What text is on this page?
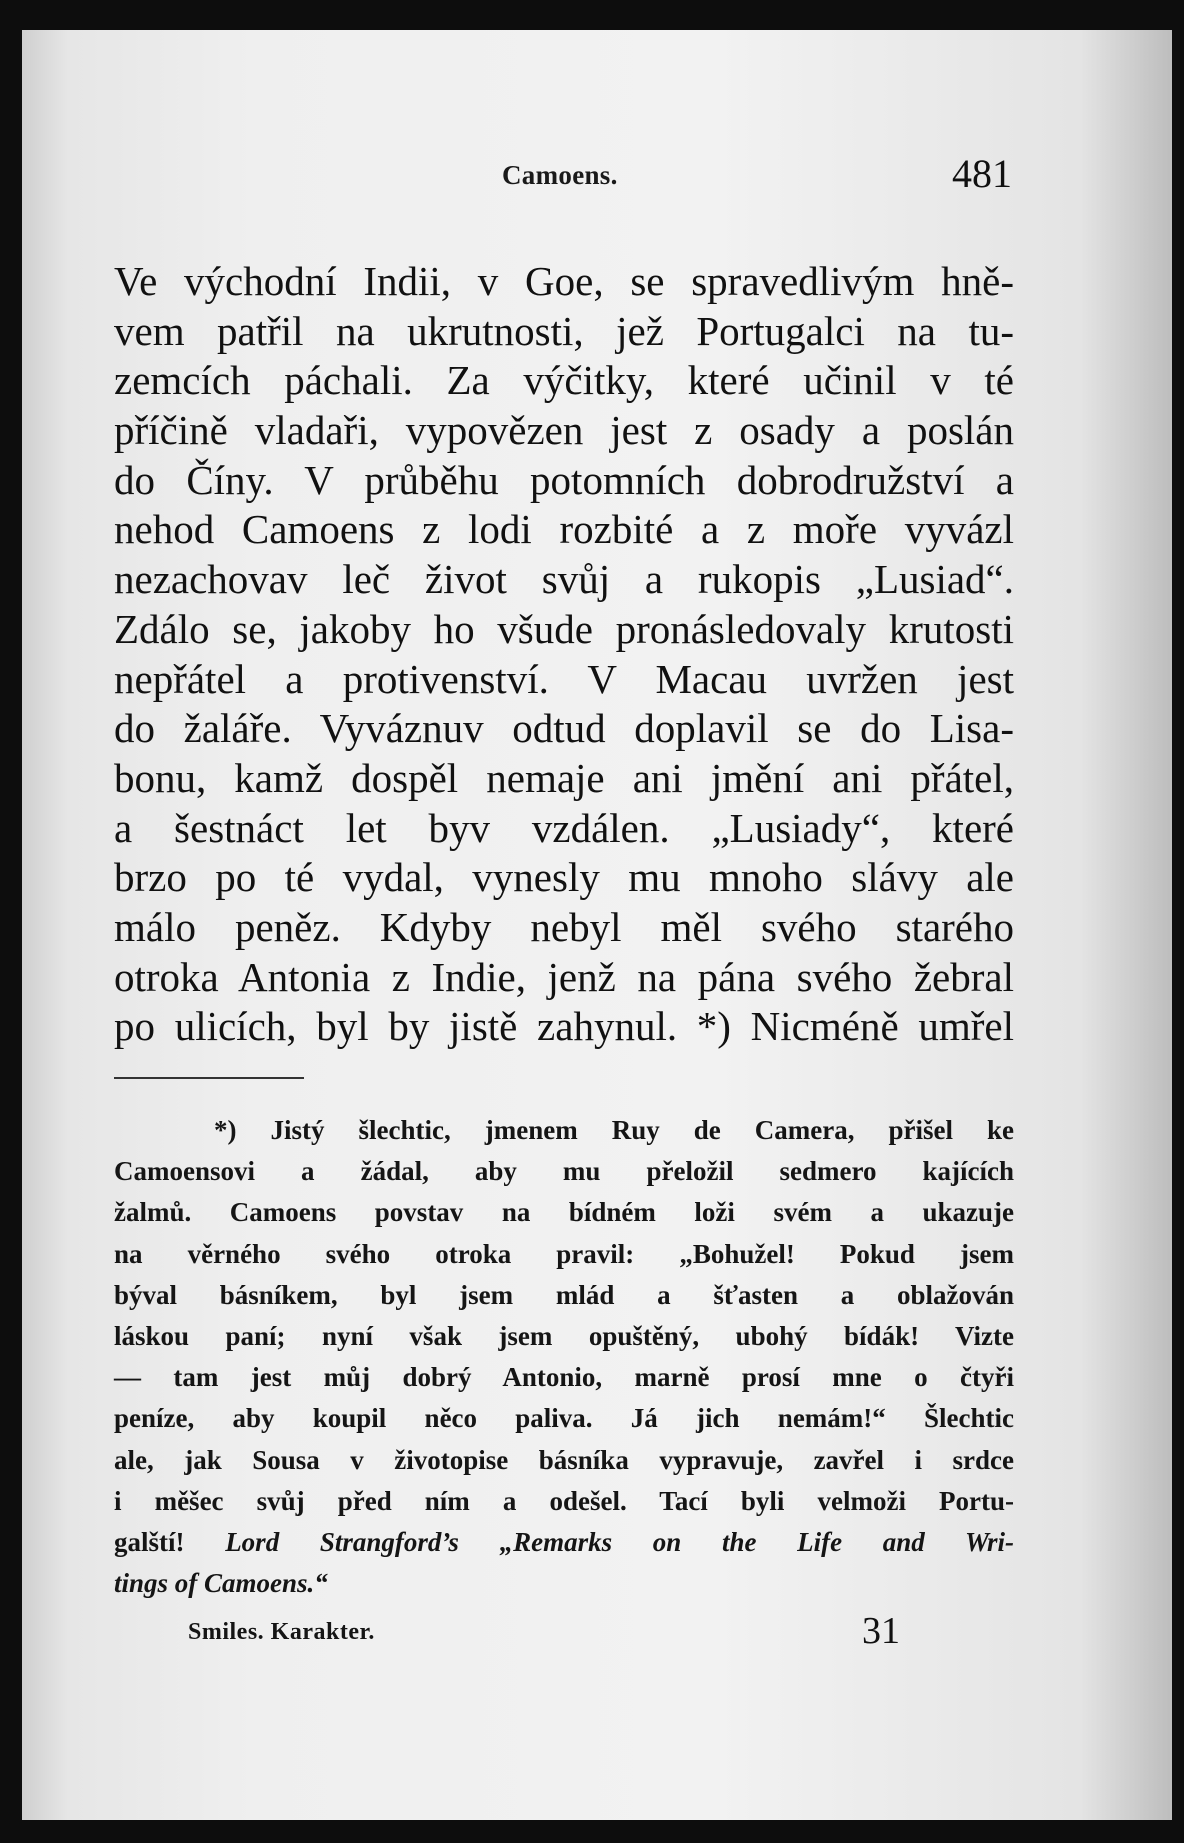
Camoens.	481
Ve východní Indii, v Goe, se spravedlivým hně-
vem patřil na ukrutnosti, jež Portugalci na tu-
zemcích páchali. Za výčitky, které učinil v té
příčině vladaři, vypovězen jest z osady a poslán
do Číny. V průběhu potomních dobrodružství a
nehod Camoens z lodi rozbité a z moře vyvázl
nezachovav leč život svůj a rukopis „Lusiad“.
Zdálo se, jakoby ho všude pronásledovaly krutosti
nepřátel a protivenství. V Macau uvržen jest
do žaláře. Vyváznuv odtud doplavil se do Lisa-
bonu, kamž dospěl nemaje ani jmění ani přátel,
a šestnáct let byv vzdálen. „Lusiady“, které
brzo po té vydal, vynesly mu mnoho slávy ale
málo peněz. Kdyby nebyl měl svého starého
otroka Antonia z Indie, jenž na pána svého žebral
po ulicích, byl by jistě zahynul. *) Nicméně umřel
*) Jistý šlechtic, jmenem Ruy de Camera, přišel ke
Camoensovi a žádal, aby mu přeložil sedmero kajících
žalmů. Camoens povstav na bídném loži svém a ukazuje
na věrného svého otroka pravil: „Bohužel! Pokud jsem
býval básníkem, byl jsem mlád a šťasten a oblažován
láskou paní; nyní však jsem opuštěný, ubohý bídák! Vizte
— tam jest můj dobrý Antonio, marně prosí mne o čtyři
peníze, aby koupil něco paliva. Já jich nemám!“ Šlechtic
ale, jak Sousa v životopise básníka vypravuje, zavřel i srdce
i měšec svůj před ním a odešel. Tací byli velmoži Portu-
galští! Lord Strangford’s „Remarks on the Life and Wri-
tings of Camoens.“
Smiles. Karakter.	31
